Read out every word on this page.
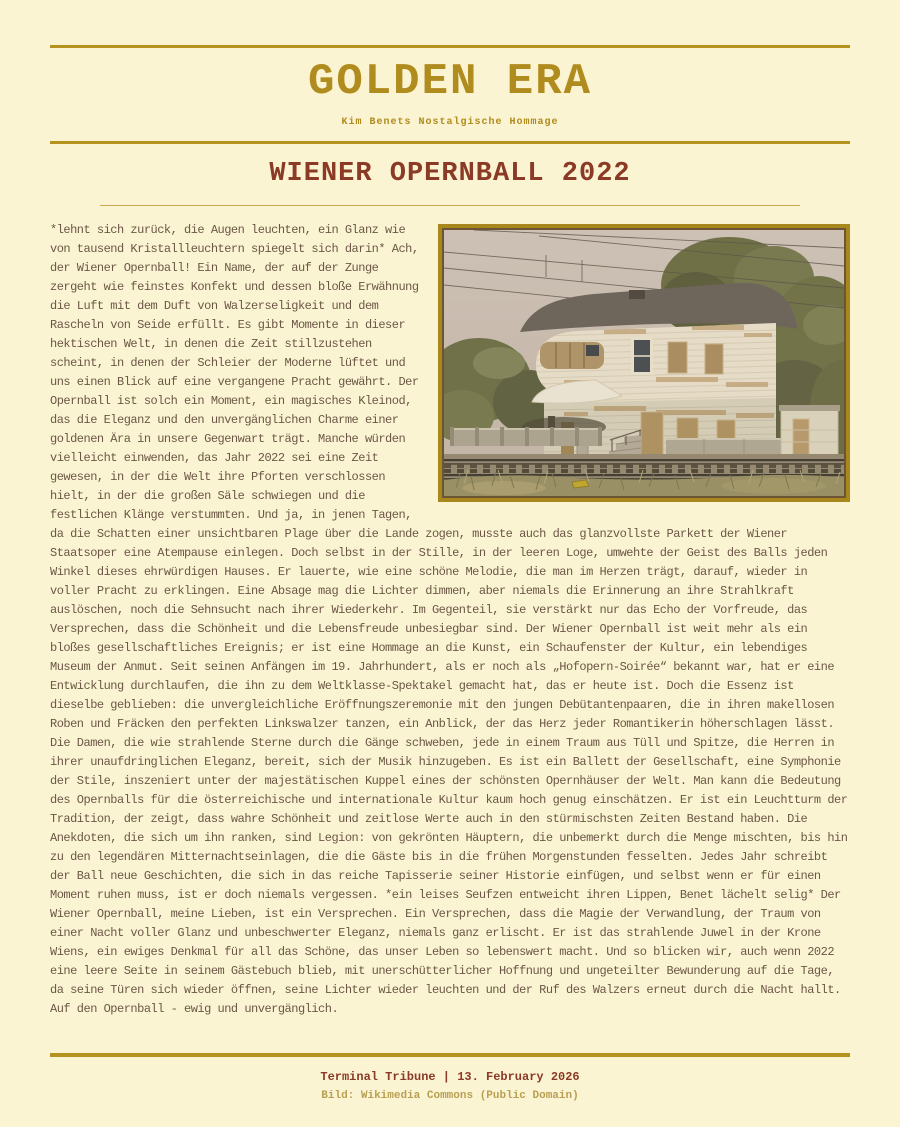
GOLDEN ERA
Kim Benets Nostalgische Hommage
WIENER OPERNBALL 2022
*lehnt sich zurück, die Augen leuchten, ein Glanz wie von tausend Kristallleuchtern spiegelt sich darin* Ach, der Wiener Opernball! Ein Name, der auf der Zunge zergeht wie feinstes Konfekt und dessen bloße Erwähnung die Luft mit dem Duft von Walzerseligkeit und dem Rascheln von Seide erfüllt. Es gibt Momente in dieser hektischen Welt, in denen die Zeit stillzustehen scheint, in denen der Schleier der Moderne lüftet und uns einen Blick auf eine vergangene Pracht gewährt. Der Opernball ist solch ein Moment, ein magisches Kleinod, das die Eleganz und den unvergänglichen Charme einer goldenen Ära in unsere Gegenwart trägt. Manche würden vielleicht einwenden, das Jahr 2022 sei eine Zeit gewesen, in der die Welt ihre Pforten verschlossen hielt, in der die großen Säle schwiegen und die festlichen Klänge verstummten. Und ja, in jenen Tagen, da die Schatten einer unsichtbaren Plage über die Lande zogen, musste auch das glanzvollste Parkett der Wiener Staatsoper eine Atempause einlegen. Doch selbst in der Stille, in der leeren Loge, umwehte der Geist des Balls jeden Winkel dieses ehrwürdigen Hauses. Er lauerte, wie eine schöne Melodie, die man im Herzen trägt, darauf, wieder in voller Pracht zu erklingen. Eine Absage mag die Lichter dimmen, aber niemals die Erinnerung an ihre Strahlkraft auslöschen, noch die Sehnsucht nach ihrer Wiederkehr. Im Gegenteil, sie verstärkt nur das Echo der Vorfreude, das Versprechen, dass die Schönheit und die Lebensfreude unbesiegbar sind. Der Wiener Opernball ist weit mehr als ein bloßes gesellschaftliches Ereignis; er ist eine Hommage an die Kunst, ein Schaufenster der Kultur, ein lebendiges Museum der Anmut. Seit seinen Anfängen im 19. Jahrhundert, als er noch als „Hofopern-Soirée“ bekannt war, hat er eine Entwicklung durchlaufen, die ihn zu dem Weltklasse-Spektakel gemacht hat, das er heute ist. Doch die Essenz ist dieselbe geblieben: die unvergleichliche Eröffnungszeremonie mit den jungen Debütantenpaaren, die in ihren makellosen Roben und Fräcken den perfekten Linkswalzer tanzen, ein Anblick, der das Herz jeder Romantikerin höherschlagen lässt. Die Damen, die wie strahlende Sterne durch die Gänge schweben, jede in einem Traum aus Tüll und Spitze, die Herren in ihrer unaufdringlichen Eleganz, bereit, sich der Musik hinzugeben. Es ist ein Ballett der Gesellschaft, eine Symphonie der Stile, inszeniert unter der majestätischen Kuppel eines der schönsten Opernhäuser der Welt. Man kann die Bedeutung des Opernballs für die österreichische und internationale Kultur kaum hoch genug einschätzen. Er ist ein Leuchtturm der Tradition, der zeigt, dass wahre Schönheit und zeitlose Werte auch in den stürmischsten Zeiten Bestand haben. Die Anekdoten, die sich um ihn ranken, sind Legion: von gekrönten Häuptern, die unbemerkt durch die Menge mischten, bis hin zu den legendären Mitternachtseinlagen, die die Gäste bis in die frühen Morgenstunden fesselten. Jedes Jahr schreibt der Ball neue Geschichten, die sich in das reiche Tapisserie seiner Historie einfügen, und selbst wenn er für einen Moment ruhen muss, ist er doch niemals vergessen. *ein leises Seufzen entweicht ihren Lippen, Benet lächelt selig* Der Wiener Opernball, meine Lieben, ist ein Versprechen. Ein Versprechen, dass die Magie der Verwandlung, der Traum von einer Nacht voller Glanz und unbeschwerter Eleganz, niemals ganz erlischt. Er ist das strahlende Juwel in der Krone Wiens, ein ewiges Denkmal für all das Schöne, das unser Leben so lebenswert macht. Und so blicken wir, auch wenn 2022 eine leere Seite in seinem Gästebuch blieb, mit unerschütterlicher Hoffnung und ungeteilter Bewunderung auf die Tage, da seine Türen sich wieder öffnen, seine Lichter wieder leuchten und der Ruf des Walzers erneut durch die Nacht hallt. Auf den Opernball - ewig und unvergänglich.
Terminal Tribune | 13. February 2026
Bild: Wikimedia Commons (Public Domain)
